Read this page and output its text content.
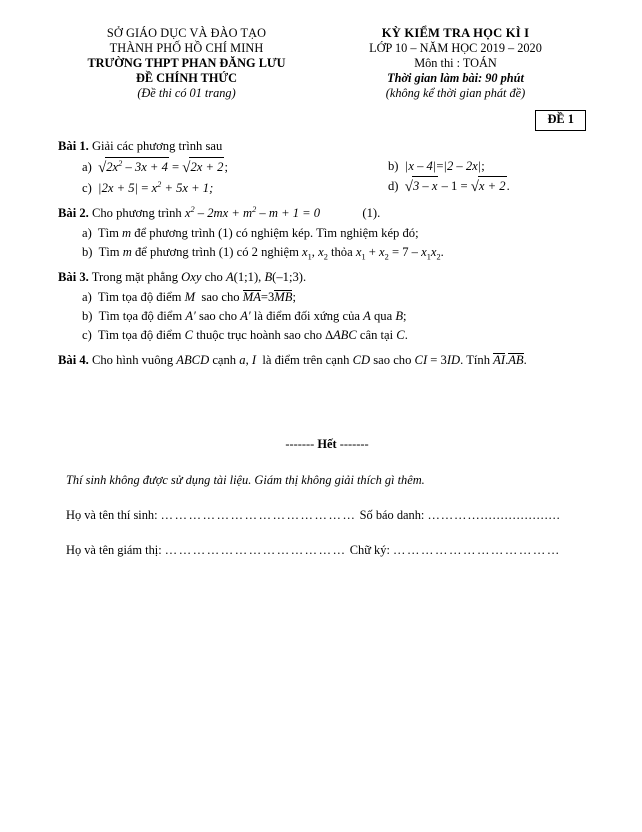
SỞ GIÁO DỤC VÀ ĐÀO TẠO
THÀNH PHỐ HỒ CHÍ MINH
TRƯỜNG THPT PHAN ĐĂNG LƯU
ĐỀ CHÍNH THỨC
(Đề thi có 01 trang)
KỲ KIỂM TRA HỌC KÌ I
LỚP 10 – NĂM HỌC 2019 – 2020
Môn thi : TOÁN
Thời gian làm bài: 90 phút
(không kể thời gian phát đề)
ĐỀ 1
Bài 1. Giải các phương trình sau
a) $√2x^2 - 3x + 4 = √2x + 2$;
c) $|2x + 5| = x^2 + 5x + 1$;
b) |x – 4|=|2 – 2x|;
d) √3 – x – 1 = √x + 2.
Bài 2. Cho phương trình $x^2 - 2mx + m^2 - m + 1 = 0$	(1).
a) Tìm m để phương trình (1) có nghiệm kép. Tìm nghiệm kép đó;
b) Tìm m để phương trình (1) có 2 nghiệm $x_1$, $x_2$ thỏa $x_1 + x_2 = 7 - x_1x_2$.
Bài 3. Trong mặt phẳng Oxy cho A(1;1), B(–1;3).
a) Tìm tọa độ điểm M sao cho MA=3MB;
b) Tìm tọa độ điểm A′ sao cho A′ là điểm đối xứng của A qua B;
c) Tìm tọa độ điểm C thuộc trục hoành sao cho ∆ABC cân tại C.
Bài 4. Cho hình vuông ABCD cạnh a, I là điểm trên cạnh CD sao cho CI = 3ID. Tính AI.AB.
------- Hết -------
Thí sinh không được sử dụng tài liệu. Giám thị không giải thích gì thêm.
Họ và tên thí sinh: …………………………………… Số báo danh: …………....................
Họ và tên giám thị: ………………………………… Chữ ký: ………………………………
